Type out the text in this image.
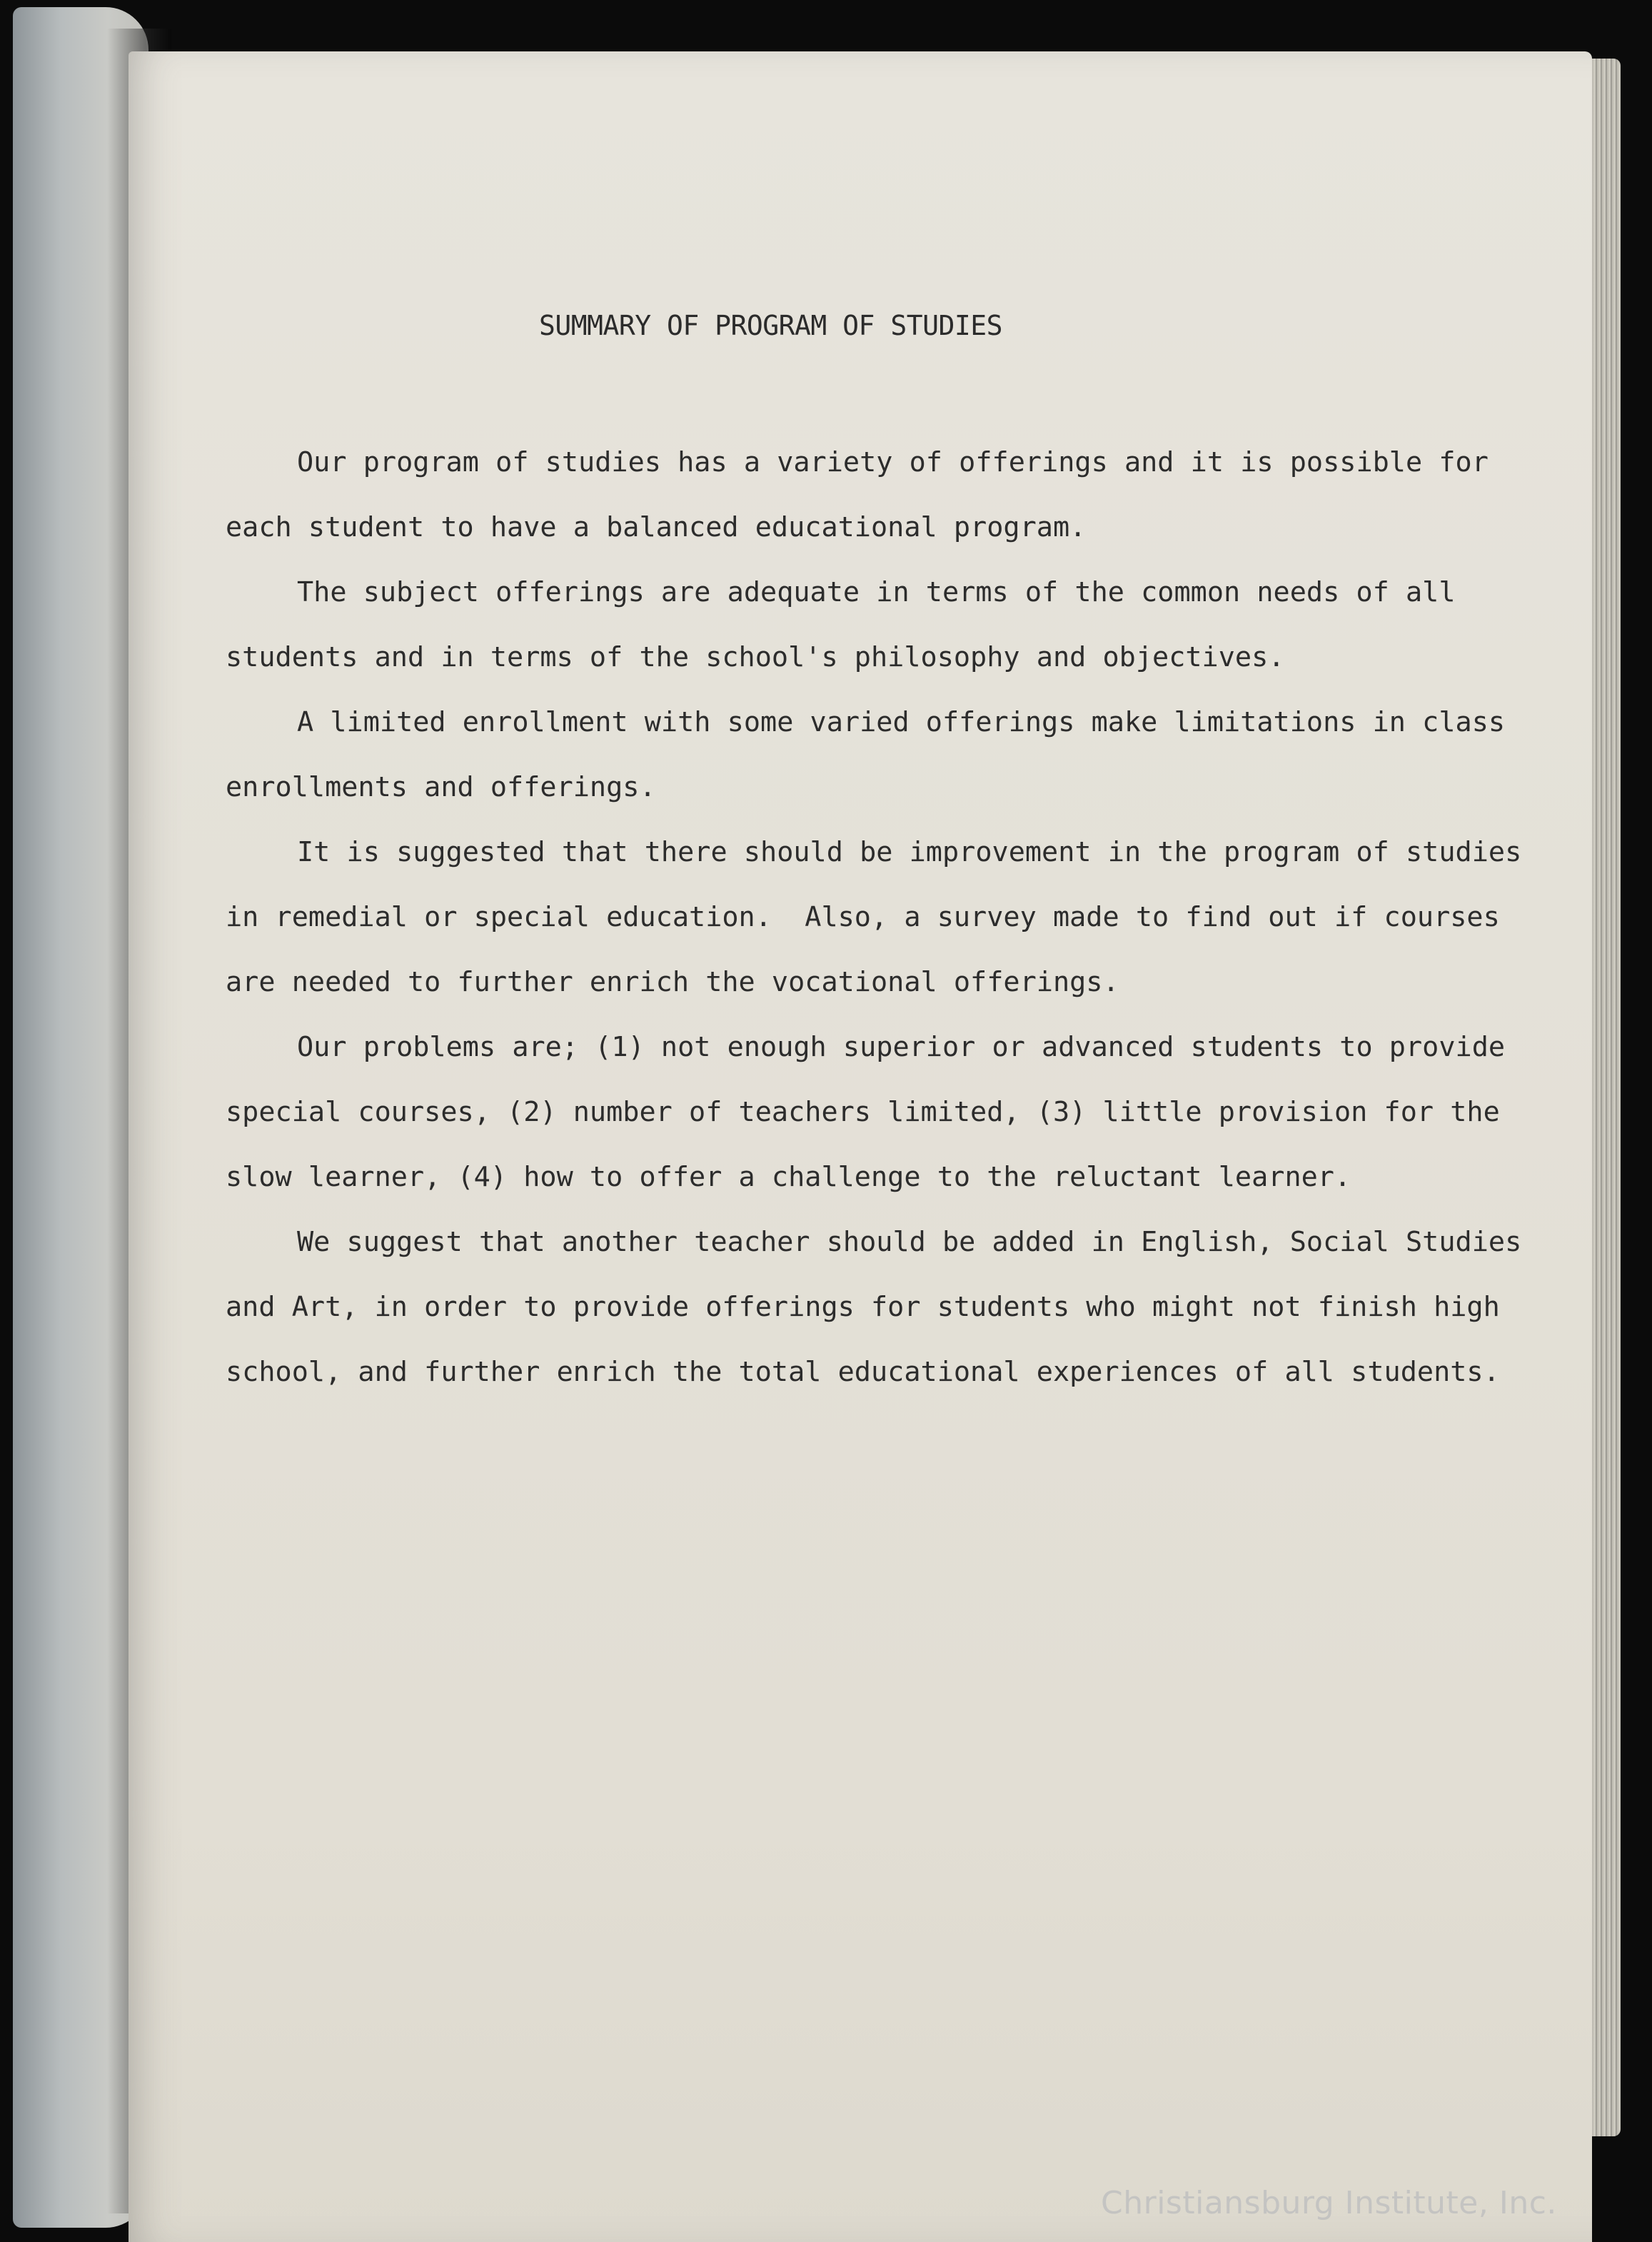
SUMMARY OF PROGRAM OF STUDIES

Our program of studies has a variety of offerings and it is possible for each student to have a balanced educational program.

The subject offerings are adequate in terms of the common needs of all students and in terms of the school's philosophy and objectives.

A limited enrollment with some varied offerings make limitations in class enrollments and offerings.

It is suggested that there should be improvement in the program of studies in remedial or special education.  Also, a survey made to find out if courses are needed to further enrich the vocational offerings.

Our problems are; (1) not enough superior or advanced students to provide special courses, (2) number of teachers limited, (3) little provision for the slow learner, (4) how to offer a challenge to the reluctant learner.

We suggest that another teacher should be added in English, Social Studies and Art, in order to provide offerings for students who might not finish high school, and further enrich the total educational experiences of all students.

Christiansburg Institute, Inc.
